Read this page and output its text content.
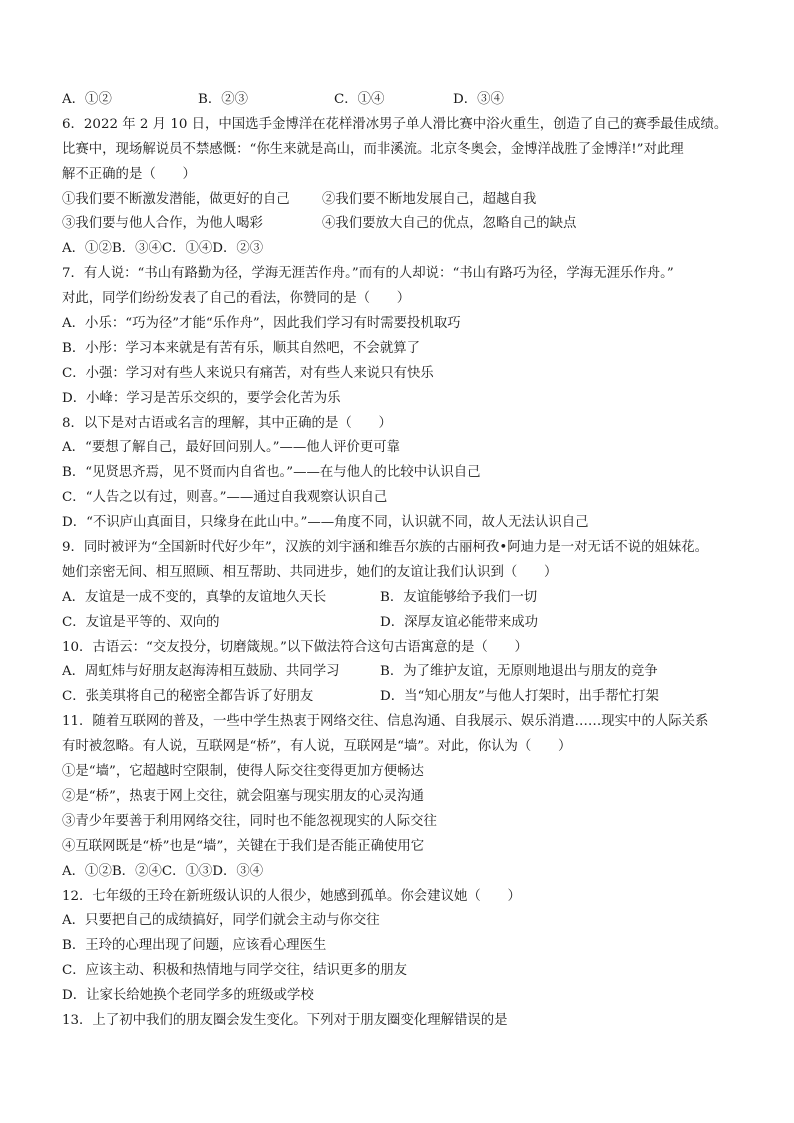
A．①②	B．②③	C．①④	D．③④
6．2022 年 2 月 10 日，中国选手金博洋在花样滑冰男子单人滑比赛中浴火重生，创造了自己的赛季最佳成绩。
比赛中，现场解说员不禁感慨：“你生来就是高山，而非溪流。北京冬奥会，金博洋战胜了金博洋!”对此理
解不正确的是（　　）
①我们要不断激发潜能，做更好的自己 ②我们要不断地发展自己，超越自我
③我们要与他人合作，为他人喝彩	④我们要放大自己的优点，忽略自己的缺点
A．①②B．③④C．①④D．②③
7．有人说：“书山有路勤为径，学海无涯苦作舟。”而有的人却说：“书山有路巧为径，学海无涯乐作舟。”
对此，同学们纷纷发表了自己的看法，你赞同的是（　　）
A．小乐：“巧为径”才能“乐作舟”，因此我们学习有时需要投机取巧
B．小彤：学习本来就是有苦有乐，顺其自然吧，不会就算了
C．小强：学习对有些人来说只有痛苦，对有些人来说只有快乐
D．小峰：学习是苦乐交织的，要学会化苦为乐
8．以下是对古语或名言的理解，其中正确的是（　　）
A．“要想了解自己，最好回问别人。”——他人评价更可靠
B．“见贤思齐焉，见不贤而内自省也。”——在与他人的比较中认识自己
C．“人告之以有过，则喜。”——通过自我观察认识自己
D．“不识庐山真面目，只缘身在此山中。”——角度不同，认识就不同，故人无法认识自己
9．同时被评为“全国新时代好少年”，汉族的刘宇涵和维吾尔族的古丽柯孜•阿迪力是一对无话不说的姐妹花。
她们亲密无间、相互照顾、相互帮助、共同进步，她们的友谊让我们认识到（　　）
A．友谊是一成不变的，真挚的友谊地久天长	B．友谊能够给予我们一切
C．友谊是平等的、双向的	D．深厚友谊必能带来成功
10．古语云：“交友投分，切磨箴规。”以下做法符合这句古语寓意的是（　　）
A．周虹炜与好朋友赵海涛相互鼓励、共同学习	B．为了维护友谊，无原则地退出与朋友的竞争
C．张美琪将自己的秘密全都告诉了好朋友	D．当“知心朋友”与他人打架时，出手帮忙打架
11．随着互联网的普及，一些中学生热衷于网络交往、信息沟通、自我展示、娱乐消遣……现实中的人际关系
有时被忽略。有人说，互联网是“桥”，有人说，互联网是“墙”。对此，你认为（　　）
①是“墙”，它超越时空限制，使得人际交往变得更加方便畅达
②是“桥”，热衷于网上交往，就会阻塞与现实朋友的心灵沟通
③青少年要善于利用网络交往，同时也不能忽视现实的人际交往
④互联网既是“桥”也是“墙”，关键在于我们是否能正确使用它
A．①②B．②④C．①③D．③④
12．七年级的王玲在新班级认识的人很少，她感到孤单。你会建议她（　　）
A．只要把自己的成绩搞好，同学们就会主动与你交往
B．王玲的心理出现了问题，应该看心理医生
C．应该主动、积极和热情地与同学交往，结识更多的朋友
D．让家长给她换个老同学多的班级或学校
13．上了初中我们的朋友圈会发生变化。下列对于朋友圈变化理解错误的是
